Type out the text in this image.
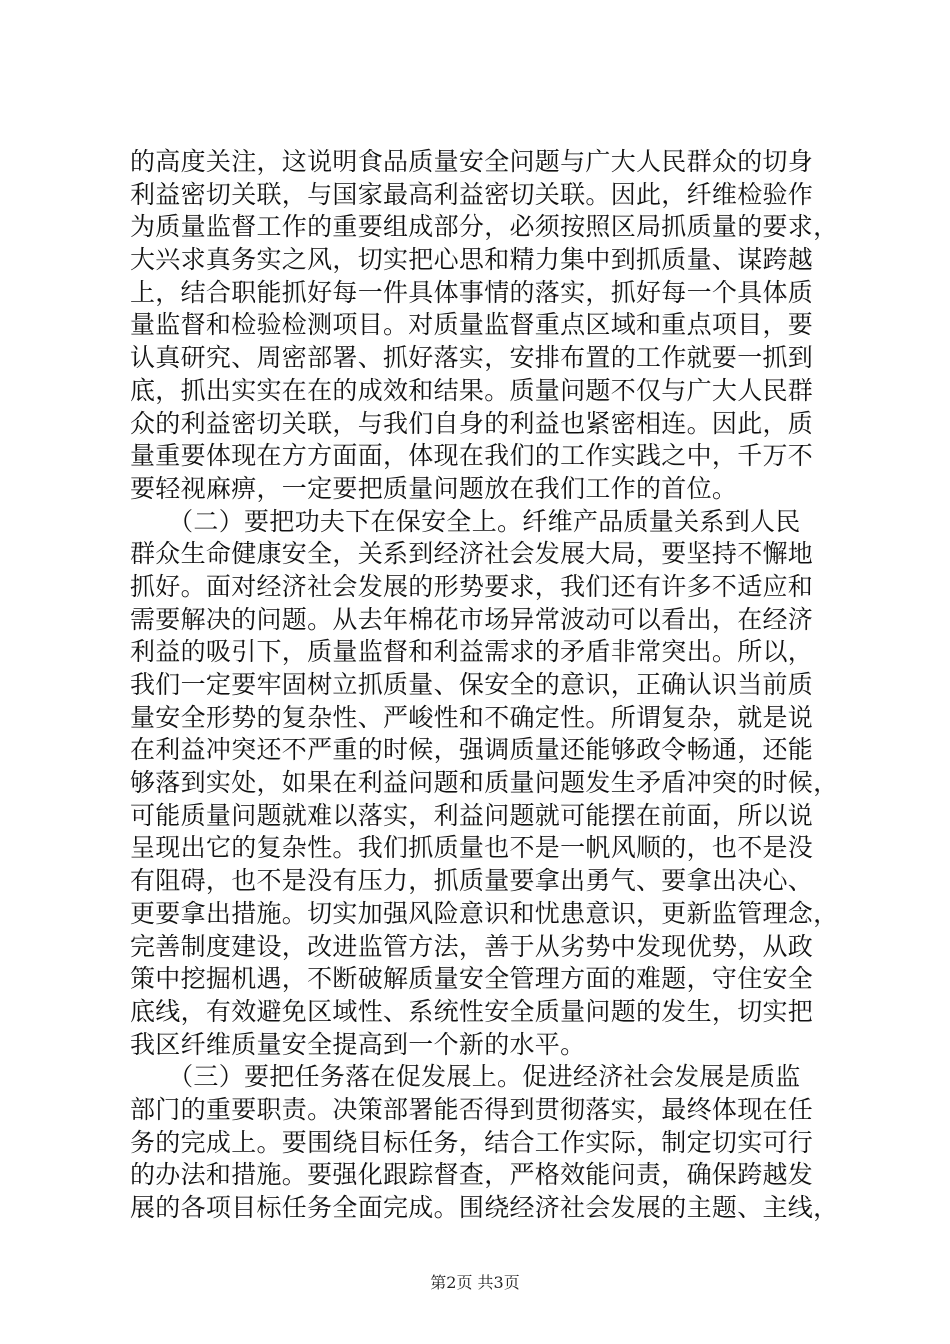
的高度关注，这说明食品质量安全问题与广大人民群众的切身
利益密切关联，与国家最高利益密切关联。因此，纤维检验作
为质量监督工作的重要组成部分，必须按照区局抓质量的要求，
大兴求真务实之风，切实把心思和精力集中到抓质量、谋跨越
上，结合职能抓好每一件具体事情的落实，抓好每一个具体质
量监督和检验检测项目。对质量监督重点区域和重点项目，要
认真研究、周密部署、抓好落实，安排布置的工作就要一抓到
底，抓出实实在在的成效和结果。质量问题不仅与广大人民群
众的利益密切关联，与我们自身的利益也紧密相连。因此，质
量重要体现在方方面面，体现在我们的工作实践之中，千万不
要轻视麻痹，一定要把质量问题放在我们工作的首位。
　　（二）要把功夫下在保安全上。纤维产品质量关系到人民
群众生命健康安全，关系到经济社会发展大局，要坚持不懈地
抓好。面对经济社会发展的形势要求，我们还有许多不适应和
需要解决的问题。从去年棉花市场异常波动可以看出，在经济
利益的吸引下，质量监督和利益需求的矛盾非常突出。所以，
我们一定要牢固树立抓质量、保安全的意识，正确认识当前质
量安全形势的复杂性、严峻性和不确定性。所谓复杂，就是说
在利益冲突还不严重的时候，强调质量还能够政令畅通，还能
够落到实处，如果在利益问题和质量问题发生矛盾冲突的时候，
可能质量问题就难以落实，利益问题就可能摆在前面，所以说
呈现出它的复杂性。我们抓质量也不是一帆风顺的，也不是没
有阻碍，也不是没有压力，抓质量要拿出勇气、要拿出决心、
更要拿出措施。切实加强风险意识和忧患意识，更新监管理念，
完善制度建设，改进监管方法，善于从劣势中发现优势，从政
策中挖掘机遇，不断破解质量安全管理方面的难题，守住安全
底线，有效避免区域性、系统性安全质量问题的发生，切实把
我区纤维质量安全提高到一个新的水平。
　　（三）要把任务落在促发展上。促进经济社会发展是质监
部门的重要职责。决策部署能否得到贯彻落实，最终体现在任
务的完成上。要围绕目标任务，结合工作实际，制定切实可行
的办法和措施。要强化跟踪督查，严格效能问责，确保跨越发
展的各项目标任务全面完成。围绕经济社会发展的主题、主线，
第2页 共3页
